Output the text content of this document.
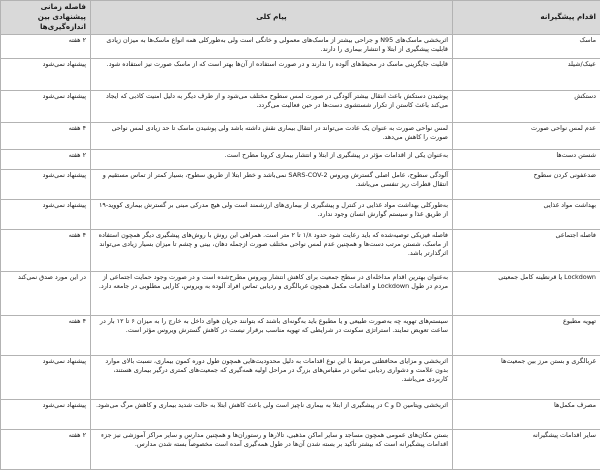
اقدام پیشگیرانه	پیام کلی	فاصله زمانی پیشنهادی بین اندازه‌گیری‌ها
ماسک	اثربخشی ماسک‌های N95 و جراحی بیشتر از ماسک‌های معمولی و خانگی است ولی به‌طورکلی همه انواع ماسک‌ها به میزان زیادی قابلیت پیشگیری از ابتلا و انتشار بیماری را دارند.	۲ هفته
عینک/شیلد	قابلیت جایگزینی ماسک در محیط‌های آلوده را ندارند و در صورت استفاده از آن‌ها بهتر است که از ماسک صورت نیز استفاده شود.	پیشنهاد نمی‌شود
دستکش	پوشیدن دستکش باعث انتقال بیشتر آلودگی در صورت لمس سطوح مختلف می‌شود و از طرف دیگر به دلیل امنیت کاذبی که ایجاد می‌کند باعث کاستن از تکرار شستشوی دست‌ها در حین فعالیت می‌گردد.	پیشنهاد نمی‌شود
عدم لمس نواحی صورت	لمس نواحی صورت به عنوان یک عادت می‌تواند در انتقال بیماری نقش داشته باشد ولی پوشیدن ماسک تا حد زیادی لمس نواحی صورت را کاهش می‌دهد.	۴ هفته
شستن دست‌ها	به‌عنوان یکی از اقدامات مؤثر در پیشگیری از ابتلا و انتشار بیماری کرونا مطرح است.	۲ هفته
ضدعفونی کردن سطوح	آلودگی سطوح، عامل اصلی گسترش ویروس SARS-COV-2 نمی‌باشد و خطر ابتلا از طریق سطوح، بسیار کمتر از تماس مستقیم و انتقال قطرات ریز تنفسی می‌باشد.	پیشنهاد نمی‌شود
بهداشت مواد غذایی	به‌طورکلی بهداشت مواد غذایی در کنترل و پیشگیری از بیماری‌های ارزشمند است ولی هیچ مدرکی مبنی بر گسترش بیماری کووید-۱۹ از طریق غذا و سیستم گوارش انسان وجود ندارد.	پیشنهاد نمی‌شود
فاصله اجتماعی	فاصله فیزیکی توصیه‌شده که باید رعایت شود حدود ۱/۸ تا ۲ متر است. همراهی این روش با روش‌های پیشگیری دیگر همچون استفاده از ماسک، شستن مرتب دست‌ها و همچنین عدم لمس نواحی مختلف صورت ازجمله دهان، بینی و چشم تا میزان بسیار زیادی می‌تواند اثرگذارتر باشد.	۴ هفته
Lockdown یا قرنطینه کامل جمعیتی	به‌عنوان بهترین اقدام مداخله‌ای در سطح جمعیت برای کاهش انتشار ویروس مطرح‌شده است و در صورت وجود حمایت اجتماعی از مردم در طول Lockdown و اقدامات مکمل همچون غربالگری و ردیابی تماس افراد آلوده به ویروس، کارایی مطلوبی در جامعه دارد.	در این مورد صدق نمی‌کند
تهویه مطبوع	سیستم‌های تهویه چه به‌صورت طبیعی و یا مطبوع باید به‌گونه‌ای باشند که بتوانند جریان هوای داخل به خارج را به میزان ۶ تا ۱۲ بار در ساعت تعویض نمایند. استراتژی سکونت در شرایطی که تهویه مناسب برقرار نیست در کاهش گسترش ویروس مؤثر است.	۴ هفته
غربالگری و بستن مرز بین جمعیت‌ها	اثربخشی و مزایای محافظتی مرتبط با این نوع اقدامات به دلیل محدودیت‌هایی همچون طول دوره کمون بیماری، نسبت بالای موارد بدون علامت و دشواری ردیابی تماس در مقیاس‌های بزرگ در مراحل اولیه همه‌گیری که جمعیت‌های کمتری درگیر بیماری هستند، کاربردی می‌باشد.	پیشنهاد نمی‌شود
مصرف مکمل‌ها	اثربخشی ویتامین D و C در پیشگیری از ابتلا به بیماری ناچیز است ولی باعث کاهش ابتلا به حالت شدید بیماری و کاهش مرگ می‌شود.	پیشنهاد نمی‌شود
سایر اقدامات پیشگیرانه	بستن مکان‌های عمومی همچون مساجد و سایر اماکن مذهبی، تالارها و رستوران‌ها و همچنین مدارس و سایر مراکز آموزشی نیز جزء اقدامات پیشگیرانه است که بیشتر تأکید بر بسته شدن آن‌ها در طول همه‌گیری آمده است مخصوصاً بسته شدن مدارس.	۲ هفته
